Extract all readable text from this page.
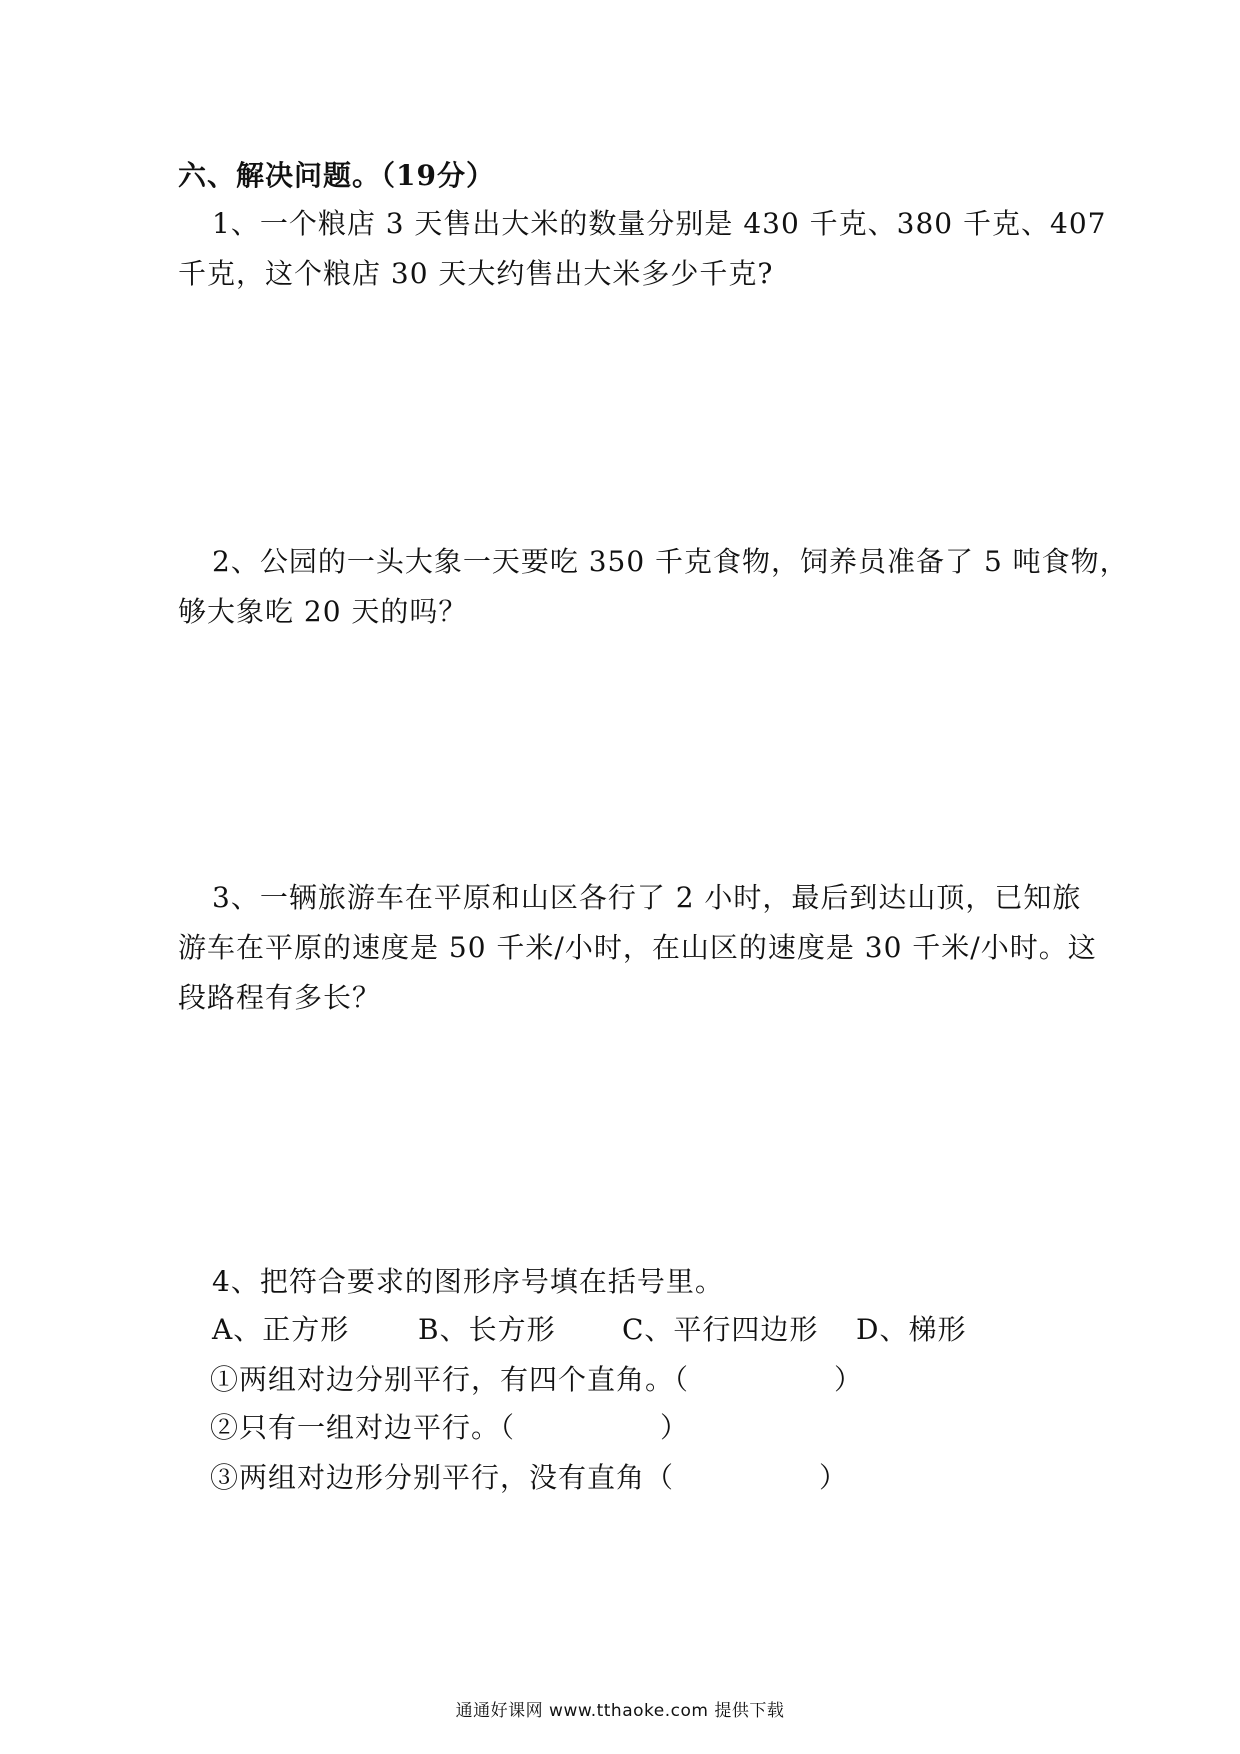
六、解决问题。（19分）
1、一个粮店 3 天售出大米的数量分别是 430 千克、380 千克、407
千克，这个粮店 30 天大约售出大米多少千克?
2、公园的一头大象一天要吃 350 千克食物，饲养员准备了 5 吨食物，
够大象吃 20 天的吗？
3、一辆旅游车在平原和山区各行了 2 小时，最后到达山顶，已知旅
游车在平原的速度是 50 千米/小时，在山区的速度是 30 千米/小时。这
段路程有多长？
4、把符合要求的图形序号填在括号里。
A、正方形 B、长方形 C、平行四边形 D、梯形
①两组对边分别平行，有四个直角。（　　　　　）
②只有一组对边平行。（　　　　　）
③两组对边形分别平行，没有直角（　　　　　）
通通好课网 www.tthaoke.com 提供下载
